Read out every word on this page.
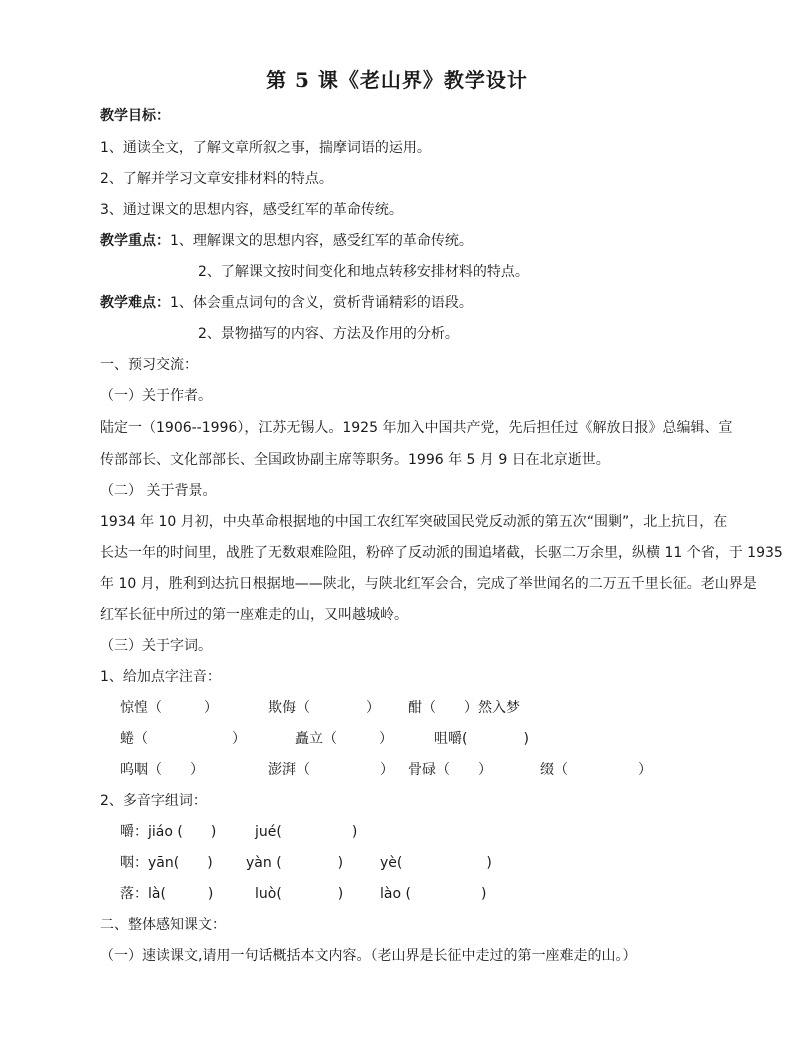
第 5 课《老山界》教学设计
教学目标：
1、通读全文，了解文章所叙之事，揣摩词语的运用。
2、了解并学习文章安排材料的特点。
3、通过课文的思想内容，感受红军的革命传统。
教学重点：1、理解课文的思想内容，感受红军的革命传统。
2、了解课文按时间变化和地点转移安排材料的特点。
教学难点：1、体会重点词句的含义，赏析背诵精彩的语段。
2、景物描写的内容、方法及作用的分析。
一、预习交流：
（一）关于作者。
陆定一（1906--1996），江苏无锡人。1925 年加入中国共产党，先后担任过《解放日报》总编辑、宣
传部部长、文化部部长、全国政协副主席等职务。1996 年 5 月 9 日在北京逝世。
（二） 关于背景。
1934 年 10 月初，中央革命根据地的中国工农红军突破国民党反动派的第五次“围剿”，北上抗日，在
长达一年的时间里，战胜了无数艰难险阻，粉碎了反动派的围追堵截，长驱二万余里，纵横 11 个省，于 1935
年 10 月，胜利到达抗日根据地——陕北，与陕北红军会合，完成了举世闻名的二万五千里长征。老山界是
红军长征中所过的第一座难走的山，又叫越城岭。
（三）关于字词。
1、给加点字注音：
惊惶（　　　）	欺侮（　　　　） 酣（　　）然入梦
蜷（　　　　　　）	矗立（　　　）	咀嚼(　　　　)
呜咽（　　）	澎湃（　　　　　） 骨碌（　　）	缀（　　　　　）
2、多音字组词：
嚼：jiáo (　　)	jué(　　　　　)
咽：yān(　　) yàn (　　　　)	yè(　　　　　　)
落：là(　　　)	luò(　　　　)	lào (　　　　　)
二、整体感知课文：
（一）速读课文,请用一句话概括本文内容。（老山界是长征中走过的第一座难走的山。）
